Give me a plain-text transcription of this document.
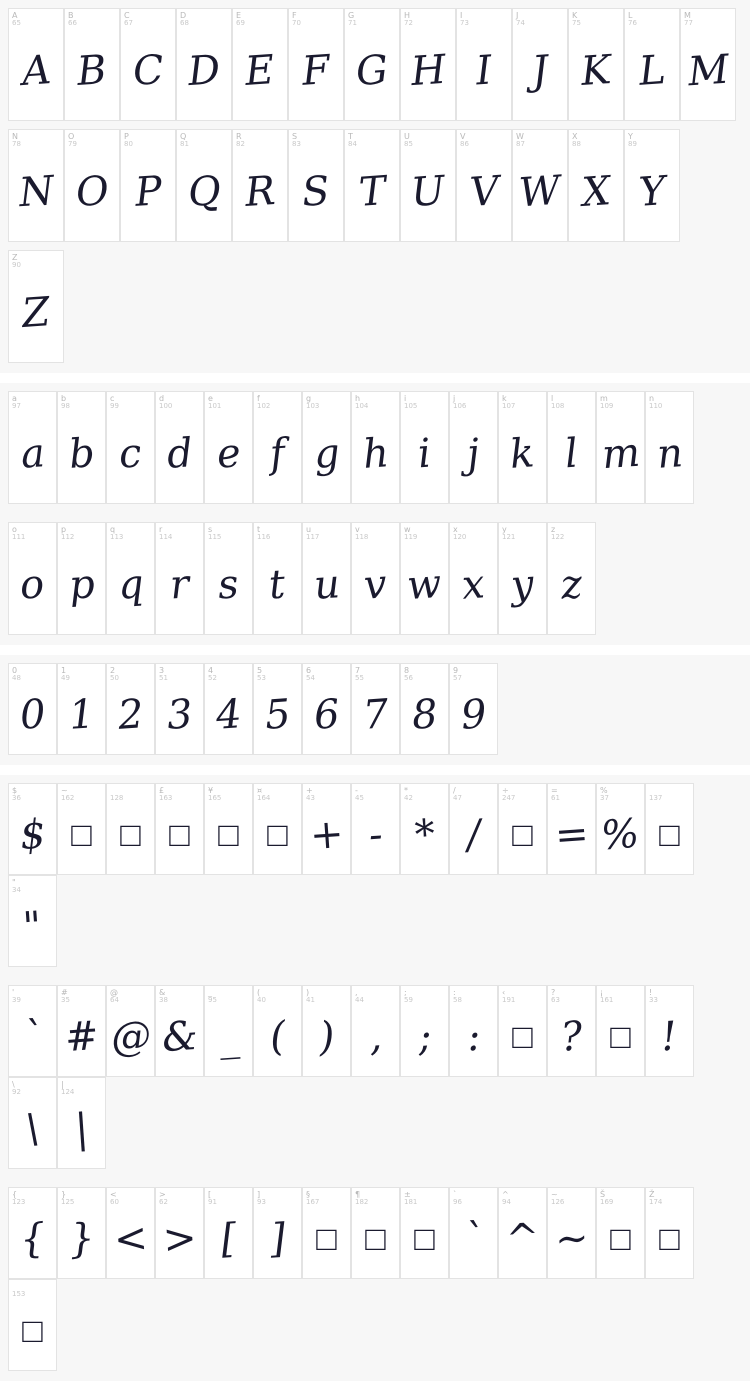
A
65
A
B
66
B
C
67
C
D
68
D
E
69
E
F
70
F
G
71
G
H
72
H
I
73
I
J
74
J
K
75
K
L
76
L
M
77
M
N
78
N
O
79
O
P
80
P
Q
81
Q
R
82
R
S
83
S
T
84
T
U
85
U
V
86
V
W
87
W
X
88
X
Y
89
Y
Z
90
Z
a
97
a
b
98
b
c
99
c
d
100
d
e
101
e
f
102
f
g
103
g
h
104
h
i
105
i
j
106
j
k
107
k
l
108
l
m
109
m
n
110
n
o
111
o
p
112
p
q
113
q
r
114
r
s
115
s
t
116
t
u
117
u
v
118
v
w
119
w
x
120
x
y
121
y
z
122
z
0
48
0
1
49
1
2
50
2
3
51
3
4
52
4
5
53
5
6
54
6
7
55
7
8
56
8
9
57
9
$
36
$
~
162
□
128
□
£
163
□
¥
165
□
¤
164
□
+
43
+
-
45
-
*
42
*
/
47
/
÷
247
□
=
61
=
%
37
%
137
□
"
34
"
'
39
`
#
35
#
@
64
@
&
38
&
_
95
_
(
40
(
)
41
)
,
44
,
;
59
;
:
58
:
‹
191
□
?
63
?
¡
161
□
!
33
!
\
92
\
|
124
|
{
123
{
}
125
}
<
60
<
>
62
>
[
91
[
]
93
]
§
167
□
¶
182
□
±
181
□
`
96
`
^
94
^
~
126
~
Š
169
□
Ž
174
□
153
□
